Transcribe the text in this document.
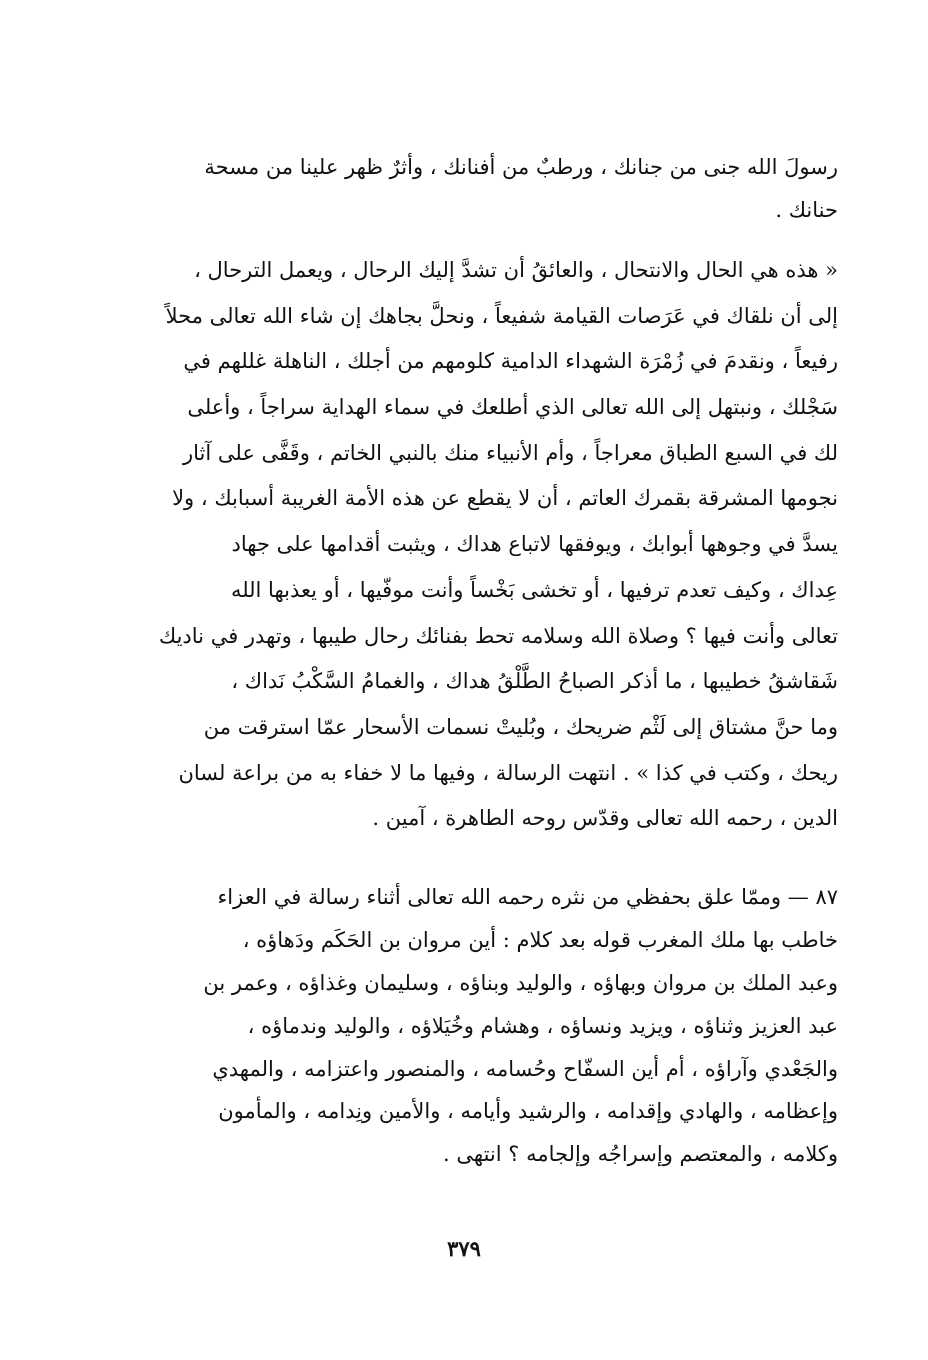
رسولَ الله جنى من جنانك ، ورطبٌ من أفنانك ، وأثرٌ ظهر علينا من مسحة
حنانك .
« هذه هي الحال والانتحال ، والعائقُ أن تشدَّ إليك الرحال ، ويعمل الترحال ،
إلى أن نلقاك في عَرَصات القيامة شفيعاً ، ونحلَّ بجاهك إن شاء الله تعالى محلاً
رفيعاً ، ونقدمَ في زُمْرَة الشهداء الدامية كلومهم من أجلك ، الناهلة غللهم في
سَجْلك ، ونبتهل إلى الله تعالى الذي أطلعك في سماء الهداية سراجاً ، وأعلى
لك في السبع الطباق معراجاً ، وأم الأنبياء منك بالنبي الخاتم ، وقَفَّى على آثار
نجومها المشرقة بقمرك العاتم ، أن لا يقطع عن هذه الأمة الغريبة أسبابك ، ولا
يسدَّ في وجوهها أبوابك ، ويوفقها لاتباع هداك ، ويثبت أقدامها على جهاد
عِداك ، وكيف تعدم ترفيها ، أو تخشى بَخْساً وأنت موفّيها ، أو يعذبها الله
تعالى وأنت فيها ؟ وصلاة الله وسلامه تحط بفنائك رحال طيبها ، وتهدر في ناديك
شَقاشقُ خطيبها ، ما أذكر الصباحُ الطَّلْقُ هداك ، والغمامُ السَّكْبُ نَداك ،
وما حنَّ مشتاق إلى لَثْم ضريحك ، وبُليتْ نسمات الأسحار عمّا استرقت من
ريحك ، وكتب في كذا » . انتهت الرسالة ، وفيها ما لا خفاء به من براعة لسان
الدين ، رحمه الله تعالى وقدّس روحه الطاهرة ، آمين .
٨٧ — وممّا علق بحفظي من نثره رحمه الله تعالى أثناء رسالة في العزاء
خاطب بها ملك المغرب قوله بعد كلام : أين مروان بن الحَكَم ودَهاؤه ،
وعبد الملك بن مروان وبهاؤه ، والوليد وبناؤه ، وسليمان وغذاؤه ، وعمر بن
عبد العزيز وثناؤه ، ويزيد ونساؤه ، وهشام وخُيَلاؤه ، والوليد وندماؤه ،
والجَعْدي وآراؤه ، أم أين السفّاح وحُسامه ، والمنصور واعتزامه ، والمهدي
وإعظامه ، والهادي وإقدامه ، والرشيد وأيامه ، والأمين ونِدامه ، والمأمون
وكلامه ، والمعتصم وإسراجُه وإلجامه ؟ انتهى .
٣٧٩
